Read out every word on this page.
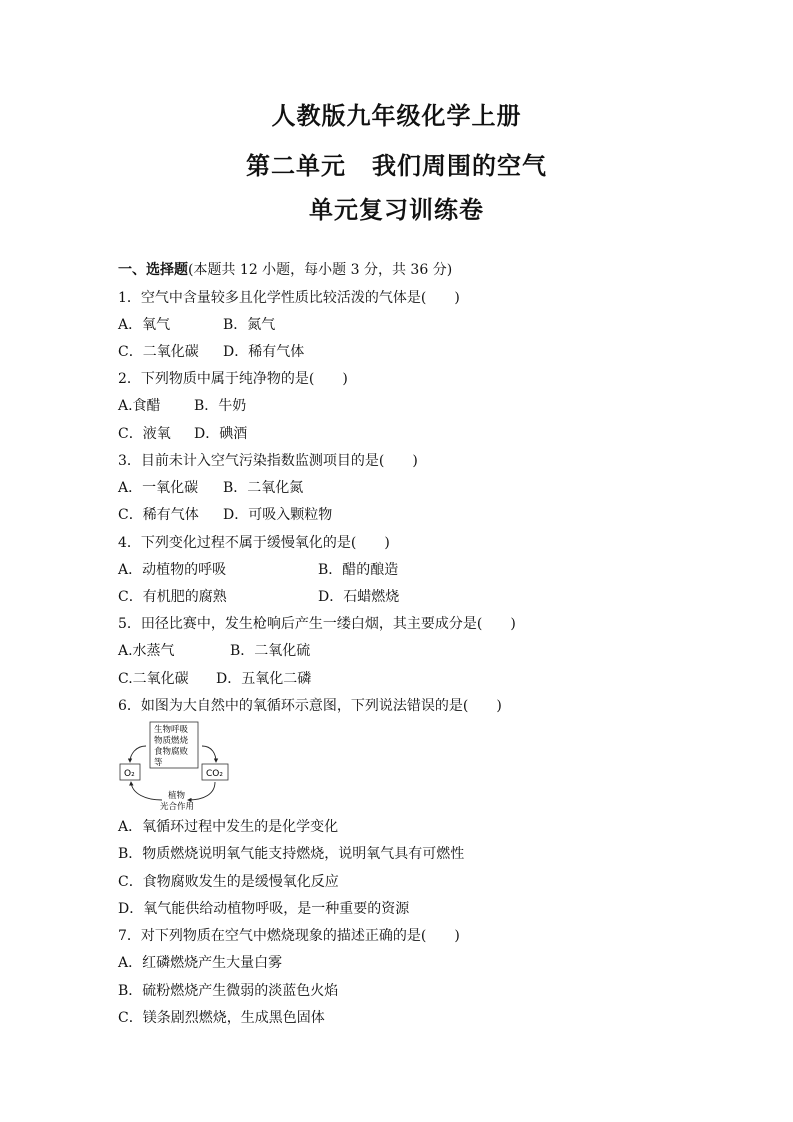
人教版九年级化学上册
第二单元 我们周围的空气
单元复习训练卷
一、选择题(本题共 12 小题，每小题 3 分，共 36 分)
1．空气中含量较多且化学性质比较活泼的气体是(　　)
A．氧气	B．氮气
C．二氧化碳 D．稀有气体
2．下列物质中属于纯净物的是(　　)
A.食醋 B．牛奶
C．液氧 D．碘酒
3．目前未计入空气污染指数监测项目的是(　　)
A．一氧化碳 B．二氧化氮
C．稀有气体 D．可吸入颗粒物
4．下列变化过程不属于缓慢氧化的是(　　)
A．动植物的呼吸	B．醋的酿造
C．有机肥的腐熟	D．石蜡燃烧
5．田径比赛中，发生枪响后产生一缕白烟，其主要成分是(　　)
A.水蒸气	B．二氧化硫
C.二氧化碳 D．五氧化二磷
6．如图为大自然中的氧循环示意图，下列说法错误的是(　　)
生物呼吸
物质燃烧
食物腐败
等
O₂	CO₂
植物
光合作用
A．氧循环过程中发生的是化学变化
B．物质燃烧说明氧气能支持燃烧，说明氧气具有可燃性
C．食物腐败发生的是缓慢氧化反应
D．氧气能供给动植物呼吸，是一种重要的资源
7．对下列物质在空气中燃烧现象的描述正确的是(　　)
A．红磷燃烧产生大量白雾
B．硫粉燃烧产生微弱的淡蓝色火焰
C．镁条剧烈燃烧，生成黑色固体
